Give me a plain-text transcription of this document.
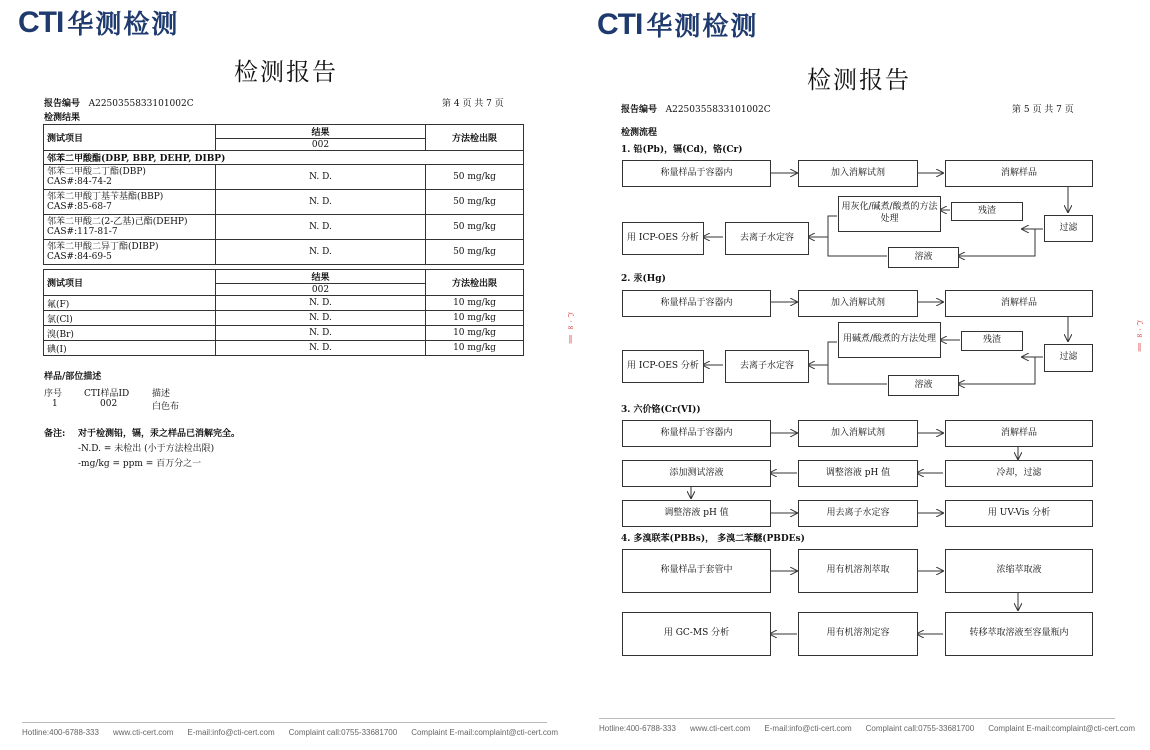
CTI 华测检测
检测报告
报告编号 A2250355833101002C	第 4 页 共 7 页
检测结果
测试项目	结果	方法检出限
	002	
邻苯二甲酸酯(DBP, BBP, DEHP, DIBP)		

邻苯二甲酸二丁酯(DBP)
CAS#:84-74-2	N. D.	50 mg/kg

邻苯二甲酸丁基苄基酯(BBP)
CAS#:85-68-7	N. D.	50 mg/kg

邻苯二甲酸二(2-乙基)己酯(DEHP)
CAS#:117-81-7	N. D.	50 mg/kg

邻苯二甲酸二异丁酯(DIBP)
CAS#:84-69-5	N. D.	50 mg/kg
测试项目	结果	方法检出限
	002	
氟(F)	N. D.	10 mg/kg
氯(Cl)	N. D.	10 mg/kg
溴(Br)	N. D.	10 mg/kg
碘(I)	N. D.	10 mg/kg
样品/部位描述
序号 CTI样品ID	描述
1	002	白色布
备注: 对于检测铅，镉，汞之样品已消解完全。
-N.D. = 未检出 (小于方法检出限)
-mg/kg = ppm = 百万分之一
ℒ ·∞ ‖
Hotline:400-6788-333 www.cti-cert.com E-mail:info@cti-cert.com Complaint call:0755-33681700 Complaint E-mail:complaint@cti-cert.com
CTI 华测检测
检测报告
报告编号 A2250355833101002C	第 5 页 共 7 页
检测流程
1. 铅(Pb)，镉(Cd)，铬(Cr)
称量样品于容器内	加入消解试剂	消解样品
用灰化/碱煮/酸煮的方法处理
残渣
过滤
溶液
去离子水定容
用 ICP-OES 分析
2. 汞(Hg)
称量样品于容器内	加入消解试剂	消解样品
用碱煮/酸煮的方法处理	残渣
过滤
溶液
去离子水定容
用 ICP-OES 分析
3. 六价铬(Cr(VI))
称量样品于容器内	加入消解试剂	消解样品
冷却，过滤
调整溶液 pH 值
添加测试溶液
调整溶液 pH 值	用去离子水定容	用 UV-Vis 分析
4. 多溴联苯(PBBs)， 多溴二苯醚(PBDEs)
称量样品于套管中	用有机溶剂萃取	浓缩萃取液
转移萃取溶液至容量瓶内
用有机溶剂定容
用 GC-MS 分析
ℒ ·∞ ‖
Hotline:400-6788-333 www.cti-cert.com E-mail:info@cti-cert.com Complaint call:0755-33681700 Complaint E-mail:complaint@cti-cert.com
